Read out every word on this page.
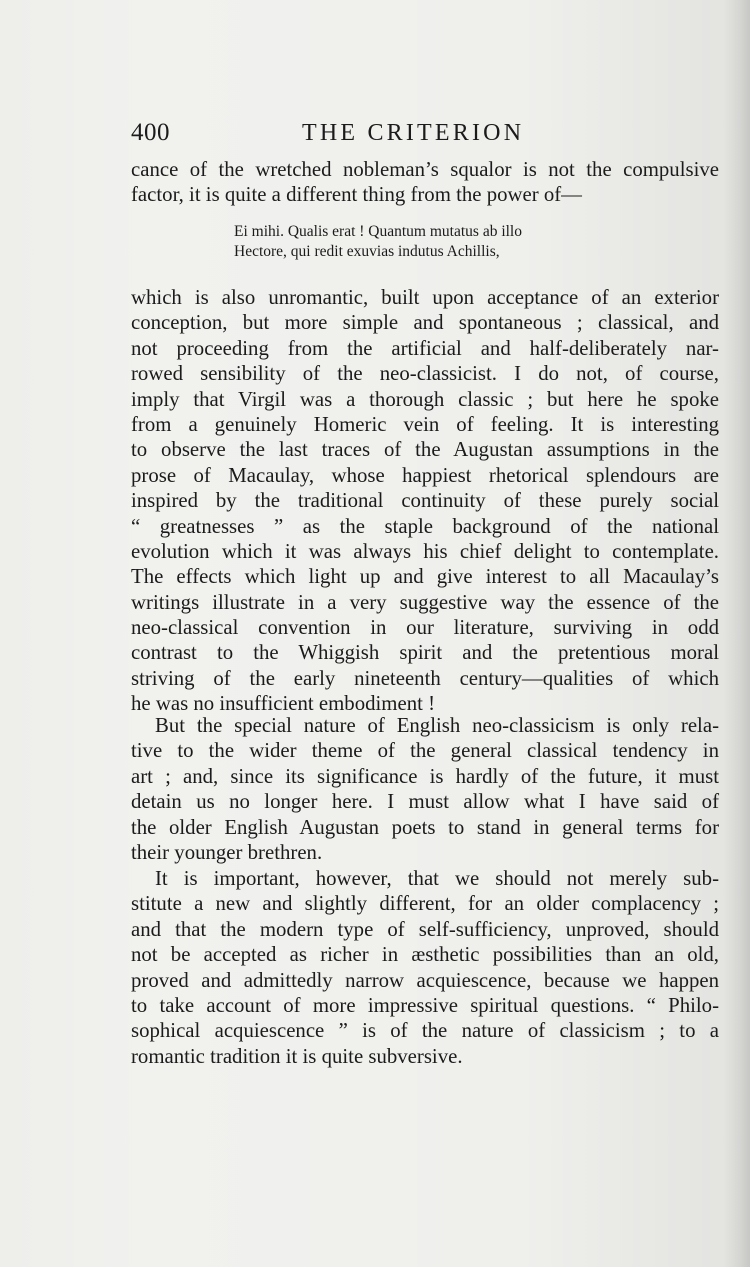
400	THE CRITERION

cance of the wretched nobleman’s squalor is not the compulsive
factor, it is quite a different thing from the power of—

Ei mihi. Qualis erat ! Quantum mutatus ab illo
Hectore, qui redit exuvias indutus Achillis,

which is also unromantic, built upon acceptance of an exterior
conception, but more simple and spontaneous ; classical, and
not proceeding from the artificial and half-deliberately nar-
rowed sensibility of the neo-classicist. I do not, of course,
imply that Virgil was a thorough classic ; but here he spoke
from a genuinely Homeric vein of feeling. It is interesting
to observe the last traces of the Augustan assumptions in the
prose of Macaulay, whose happiest rhetorical splendours are
inspired by the traditional continuity of these purely social
“ greatnesses ” as the staple background of the national
evolution which it was always his chief delight to contemplate.
The effects which light up and give interest to all Macaulay’s
writings illustrate in a very suggestive way the essence of the
neo-classical convention in our literature, surviving in odd
contrast to the Whiggish spirit and the pretentious moral
striving of the early nineteenth century—qualities of which
he was no insufficient embodiment !

But the special nature of English neo-classicism is only rela-
tive to the wider theme of the general classical tendency in
art ; and, since its significance is hardly of the future, it must
detain us no longer here. I must allow what I have said of
the older English Augustan poets to stand in general terms for
their younger brethren.

It is important, however, that we should not merely sub-
stitute a new and slightly different, for an older complacency ;
and that the modern type of self-sufficiency, unproved, should
not be accepted as richer in æsthetic possibilities than an old,
proved and admittedly narrow acquiescence, because we happen
to take account of more impressive spiritual questions. “ Philo-
sophical acquiescence ” is of the nature of classicism ; to a
romantic tradition it is quite subversive.
